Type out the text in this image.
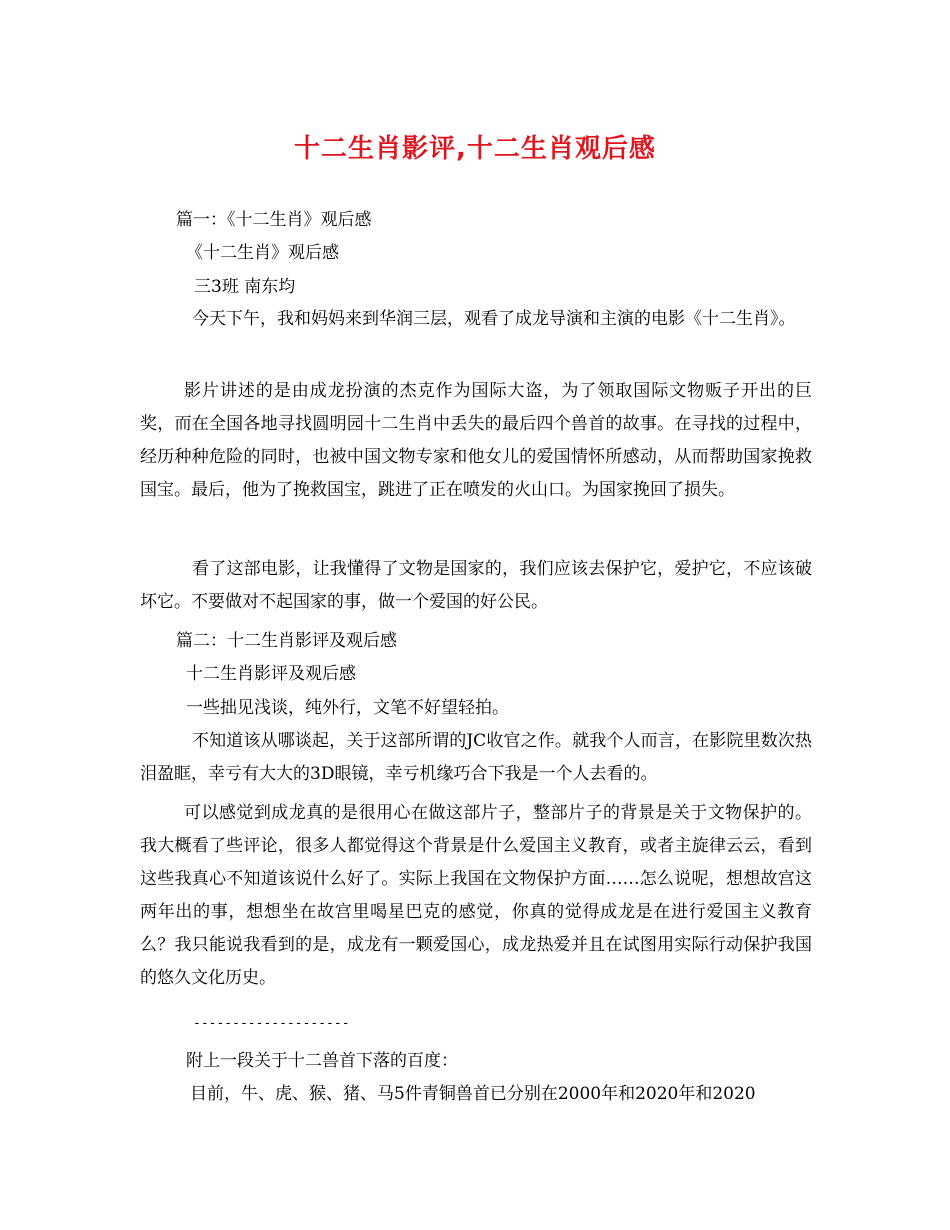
十二生肖影评,十二生肖观后感
篇一：《十二生肖》观后感
《十二生肖》观后感
三3班 南东均
今天下午，我和妈妈来到华润三层，观看了成龙导演和主演的电影《十二生肖》。
影片讲述的是由成龙扮演的杰克作为国际大盗，为了领取国际文物贩子开出的巨奖，而在全国各地寻找圆明园十二生肖中丢失的最后四个兽首的故事。在寻找的过程中，经历种种危险的同时，也被中国文物专家和他女儿的爱国情怀所感动，从而帮助国家挽救国宝。最后，他为了挽救国宝，跳进了正在喷发的火山口。为国家挽回了损失。
看了这部电影，让我懂得了文物是国家的，我们应该去保护它，爱护它，不应该破坏它。不要做对不起国家的事，做一个爱国的好公民。
篇二：十二生肖影评及观后感
十二生肖影评及观后感
一些拙见浅谈，纯外行，文笔不好望轻拍。
不知道该从哪谈起，关于这部所谓的JC收官之作。就我个人而言，在影院里数次热泪盈眶，幸亏有大大的3D眼镜，幸亏机缘巧合下我是一个人去看的。
可以感觉到成龙真的是很用心在做这部片子，整部片子的背景是关于文物保护的。我大概看了些评论，很多人都觉得这个背景是什么爱国主义教育，或者主旋律云云，看到这些我真心不知道该说什么好了。实际上我国在文物保护方面……怎么说呢，想想故宫这两年出的事，想想坐在故宫里喝星巴克的感觉，你真的觉得成龙是在进行爱国主义教育么？我只能说我看到的是，成龙有一颗爱国心，成龙热爱并且在试图用实际行动保护我国的悠久文化历史。
--------------------
附上一段关于十二兽首下落的百度：
目前，牛、虎、猴、猪、马5件青铜兽首已分别在2000年和2020年和2020
